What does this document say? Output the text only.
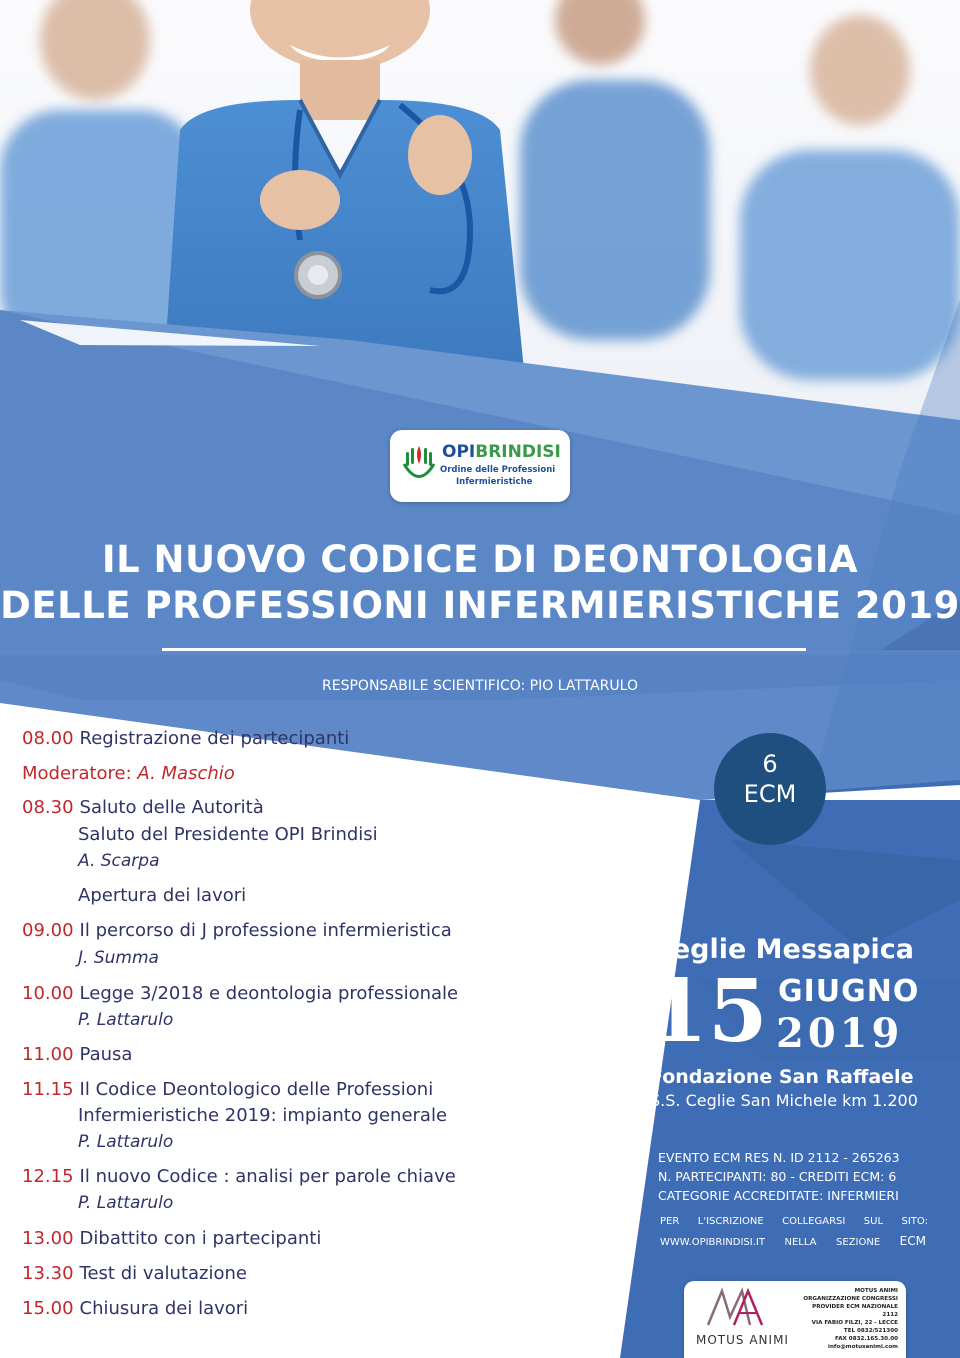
OPIBRINDISI
Ordine delle Professioni
Infermieristiche
IL NUOVO CODICE DI DEONTOLOGIA
DELLE PROFESSIONI INFERMIERISTICHE 2019
RESPONSABILE SCIENTIFICO: PIO LATTARULO
6
ECM
08.00 Registrazione dei partecipanti
Moderatore: A. Maschio
08.30 Saluto delle Autorità
Saluto del Presidente OPI Brindisi
A. Scarpa
Apertura dei lavori
09.00 Il percorso di J professione infermieristica
J. Summa
10.00 Legge 3/2018 e deontologia professionale
P. Lattarulo
11.00 Pausa
11.15 Il Codice Deontologico delle Professioni
Infermieristiche 2019: impianto generale
P. Lattarulo
12.15 Il nuovo Codice : analisi per parole chiave
P. Lattarulo
13.00 Dibattito con i partecipanti
13.30 Test di valutazione
15.00 Chiusura dei lavori
Ceglie Messapica
15 GIUGNO
2019
Fondazione San Raffaele
S.S. Ceglie San Michele km 1.200
EVENTO ECM RES N. ID 2112 - 265263
N. PARTECIPANTI: 80 - CREDITI ECM: 6
CATEGORIE ACCREDITATE: INFERMIERI
PER L'ISCRIZIONE COLLEGARSI SUL SITO:
WWW.OPIBRINDISI.IT NELLA SEZIONE ECM
MOTUS ANIMI
MOTUS ANIMI
ORGANIZZAZIONE CONGRESSI
PROVIDER ECM NAZIONALE 2112
VIA FABIO FILZI, 22 - LECCE
TEL 0832/521300
FAX 0832.165.30.00
info@motusanimi.com
